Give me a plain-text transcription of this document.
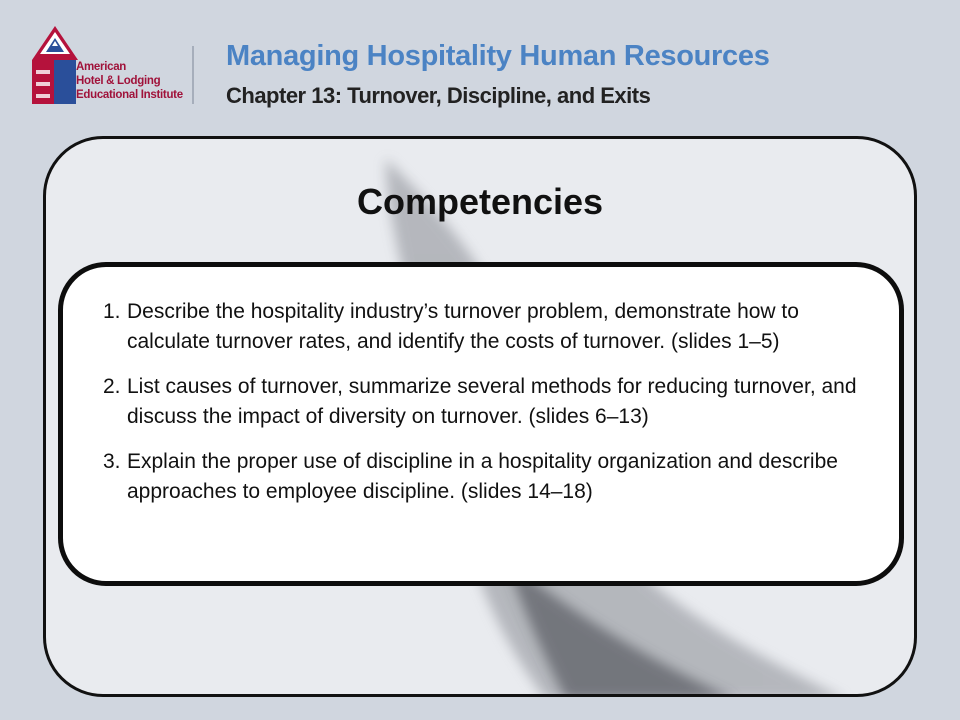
American
Hotel & Lodging
Educational Institute
Managing Hospitality Human Resources
Chapter 13: Turnover, Discipline, and Exits
Competencies
1. Describe the hospitality industry’s turnover problem, demonstrate how to calculate turnover rates, and identify the costs of turnover. (slides 1–5)
2. List causes of turnover, summarize several methods for reducing turnover, and discuss the impact of diversity on turnover. (slides 6–13)
3. Explain the proper use of discipline in a hospitality organization and describe approaches to employee discipline. (slides 14–18)
